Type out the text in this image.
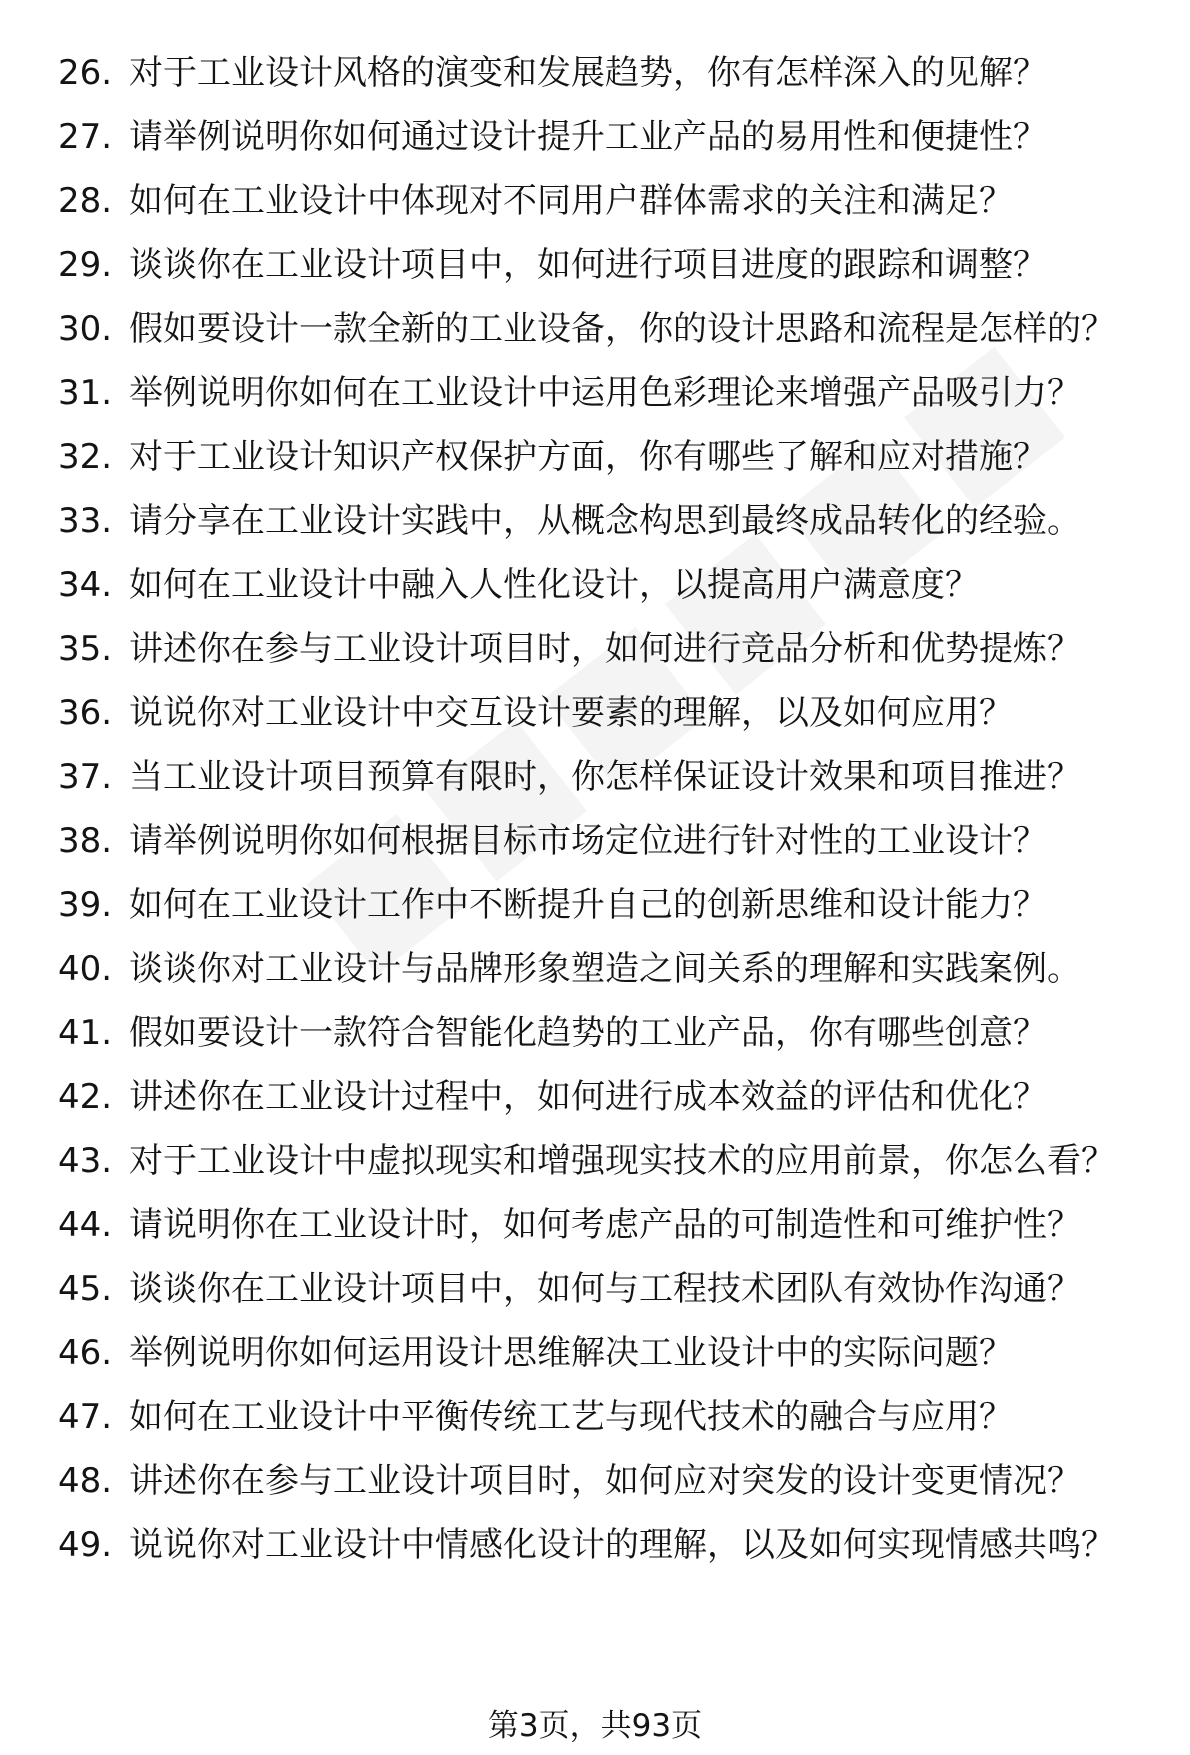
26. 对于工业设计风格的演变和发展趋势，你有怎样深入的见解？
27. 请举例说明你如何通过设计提升工业产品的易用性和便捷性？
28. 如何在工业设计中体现对不同用户群体需求的关注和满足？
29. 谈谈你在工业设计项目中，如何进行项目进度的跟踪和调整？
30. 假如要设计一款全新的工业设备，你的设计思路和流程是怎样的？
31. 举例说明你如何在工业设计中运用色彩理论来增强产品吸引力？
32. 对于工业设计知识产权保护方面，你有哪些了解和应对措施？
33. 请分享在工业设计实践中，从概念构思到最终成品转化的经验。
34. 如何在工业设计中融入人性化设计，以提高用户满意度？
35. 讲述你在参与工业设计项目时，如何进行竞品分析和优势提炼？
36. 说说你对工业设计中交互设计要素的理解，以及如何应用？
37. 当工业设计项目预算有限时，你怎样保证设计效果和项目推进？
38. 请举例说明你如何根据目标市场定位进行针对性的工业设计？
39. 如何在工业设计工作中不断提升自己的创新思维和设计能力？
40. 谈谈你对工业设计与品牌形象塑造之间关系的理解和实践案例。
41. 假如要设计一款符合智能化趋势的工业产品，你有哪些创意？
42. 讲述你在工业设计过程中，如何进行成本效益的评估和优化？
43. 对于工业设计中虚拟现实和增强现实技术的应用前景，你怎么看？
44. 请说明你在工业设计时，如何考虑产品的可制造性和可维护性？
45. 谈谈你在工业设计项目中，如何与工程技术团队有效协作沟通？
46. 举例说明你如何运用设计思维解决工业设计中的实际问题？
47. 如何在工业设计中平衡传统工艺与现代技术的融合与应用？
48. 讲述你在参与工业设计项目时，如何应对突发的设计变更情况？
49. 说说你对工业设计中情感化设计的理解，以及如何实现情感共鸣？
第3页，共93页
